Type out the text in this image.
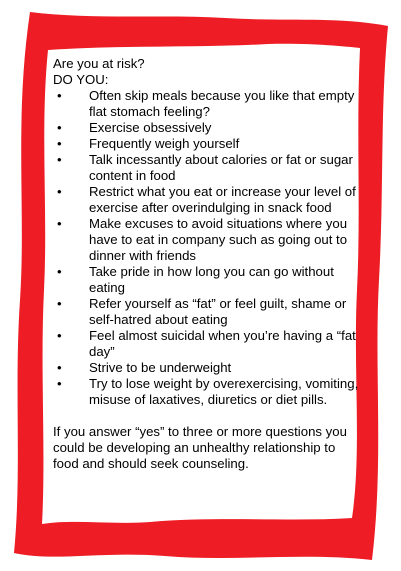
Are you at risk?
DO YOU:
• Often skip meals because you like that empty
flat stomach feeling?
• Exercise obsessively
• Frequently weigh yourself
• Talk incessantly about calories or fat or sugar
content in food
• Restrict what you eat or increase your level of
exercise after overindulging in snack food
• Make excuses to avoid situations where you
have to eat in company such as going out to
dinner with friends
• Take pride in how long you can go without
eating
• Refer yourself as “fat” or feel guilt, shame or
self-hatred about eating
• Feel almost suicidal when you’re having a “fat
day”
• Strive to be underweight
• Try to lose weight by overexercising, vomiting,
misuse of laxatives, diuretics or diet pills.
If you answer “yes” to three or more questions you
could be developing an unhealthy relationship to
food and should seek counseling.
